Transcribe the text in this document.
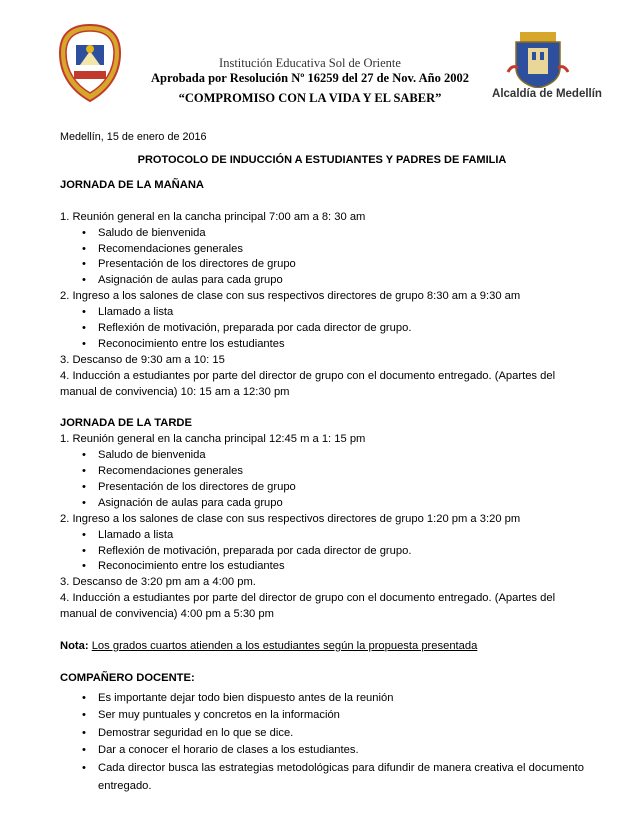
Institución Educativa Sol de Oriente
Aprobada por Resolución Nº 16259 del 27 de Nov. Año 2002
“COMPROMISO CON LA VIDA Y EL SABER”	Alcaldía de Medellín
Medellín, 15 de enero de 2016
PROTOCOLO DE INDUCCIÓN A ESTUDIANTES Y PADRES DE FAMILIA
JORNADA DE LA MAÑANA
1. Reunión general en la cancha principal 7:00 am a 8: 30 am
• Saludo de bienvenida
• Recomendaciones generales
• Presentación de los directores de grupo
• Asignación de aulas para cada grupo
2. Ingreso a los salones de clase con sus respectivos directores de grupo 8:30 am a 9:30 am
• Llamado a lista
• Reflexión de motivación, preparada por cada director de grupo.
• Reconocimiento entre los estudiantes
3. Descanso de 9:30 am a 10: 15
4. Inducción a estudiantes por parte del director de grupo con el documento entregado. (Apartes del manual de convivencia) 10: 15 am a 12:30 pm
JORNADA DE LA TARDE
1. Reunión general en la cancha principal 12:45 m a 1: 15 pm
• Saludo de bienvenida
• Recomendaciones generales
• Presentación de los directores de grupo
• Asignación de aulas para cada grupo
2. Ingreso a los salones de clase con sus respectivos directores de grupo 1:20 pm a 3:20 pm
• Llamado a lista
• Reflexión de motivación, preparada por cada director de grupo.
• Reconocimiento entre los estudiantes
3. Descanso de 3:20 pm am a 4:00 pm.
4. Inducción a estudiantes por parte del director de grupo con el documento entregado. (Apartes del manual de convivencia) 4:00 pm a 5:30 pm
Nota: Los grados cuartos atienden a los estudiantes según la propuesta presentada
COMPAÑERO DOCENTE:
• Es importante dejar todo bien dispuesto antes de la reunión
• Ser muy puntuales y concretos en la información
• Demostrar seguridad en lo que se dice.
• Dar a conocer el horario de clases a los estudiantes.
• Cada director busca las estrategias metodológicas para difundir de manera creativa el documento entregado.
